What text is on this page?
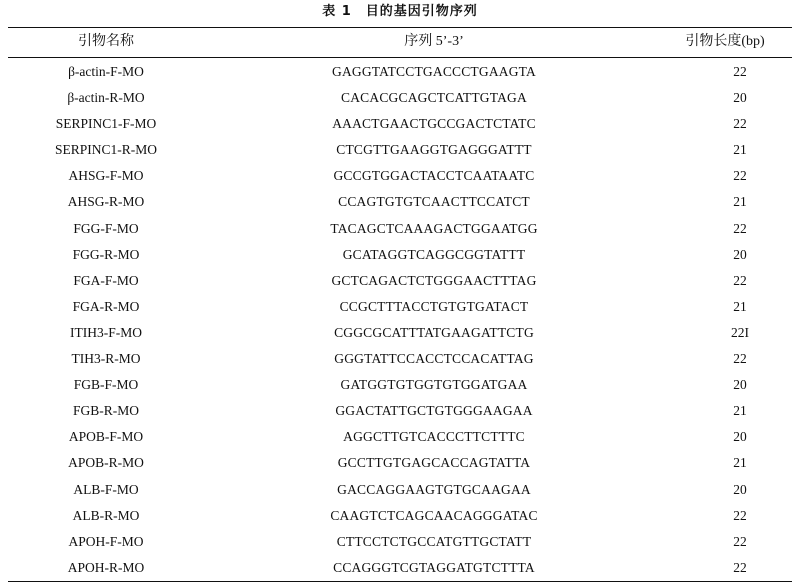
表 1 目的基因引物序列
引物名称	序列 5’-3’	引物长度(bp)
β-actin-F-MO	GAGGTATCCTGACCCTGAAGTA	22
β-actin-R-MO	CACACGCAGCTCATTGTAGA	20
SERPINC1-F-MO	AAACTGAACTGCCGACTCTATC	22
SERPINC1-R-MO	CTCGTTGAAGGTGAGGGATTT	21
AHSG-F-MO	GCCGTGGACTACCTCAATAATC	22
AHSG-R-MO	CCAGTGTGTCAACTTCCATCT	21
FGG-F-MO	TACAGCTCAAAGACTGGAATGG	22
FGG-R-MO	GCATAGGTCAGGCGGTATTT	20
FGA-F-MO	GCTCAGACTCTGGGAACTTTAG	22
FGA-R-MO	CCGCTTTACCTGTGTGATACT	21
ITIH3-F-MO	CGGCGCATTTATGAAGATTCTG	22I
TIH3-R-MO	GGGTATTCCACCTCCACATTAG	22
FGB-F-MO	GATGGTGTGGTGTGGATGAA	20
FGB-R-MO	GGACTATTGCTGTGGGAAGAA	21
APOB-F-MO	AGGCTTGTCACCCTTCTTTC	20
APOB-R-MO	GCCTTGTGAGCACCAGTATTA	21
ALB-F-MO	GACCAGGAAGTGTGCAAGAA	20
ALB-R-MO	CAAGTCTCAGCAACAGGGATAC	22
APOH-F-MO	CTTCCTCTGCCATGTTGCTATT	22
APOH-R-MO	CCAGGGTCGTAGGATGTCTTTA	22
